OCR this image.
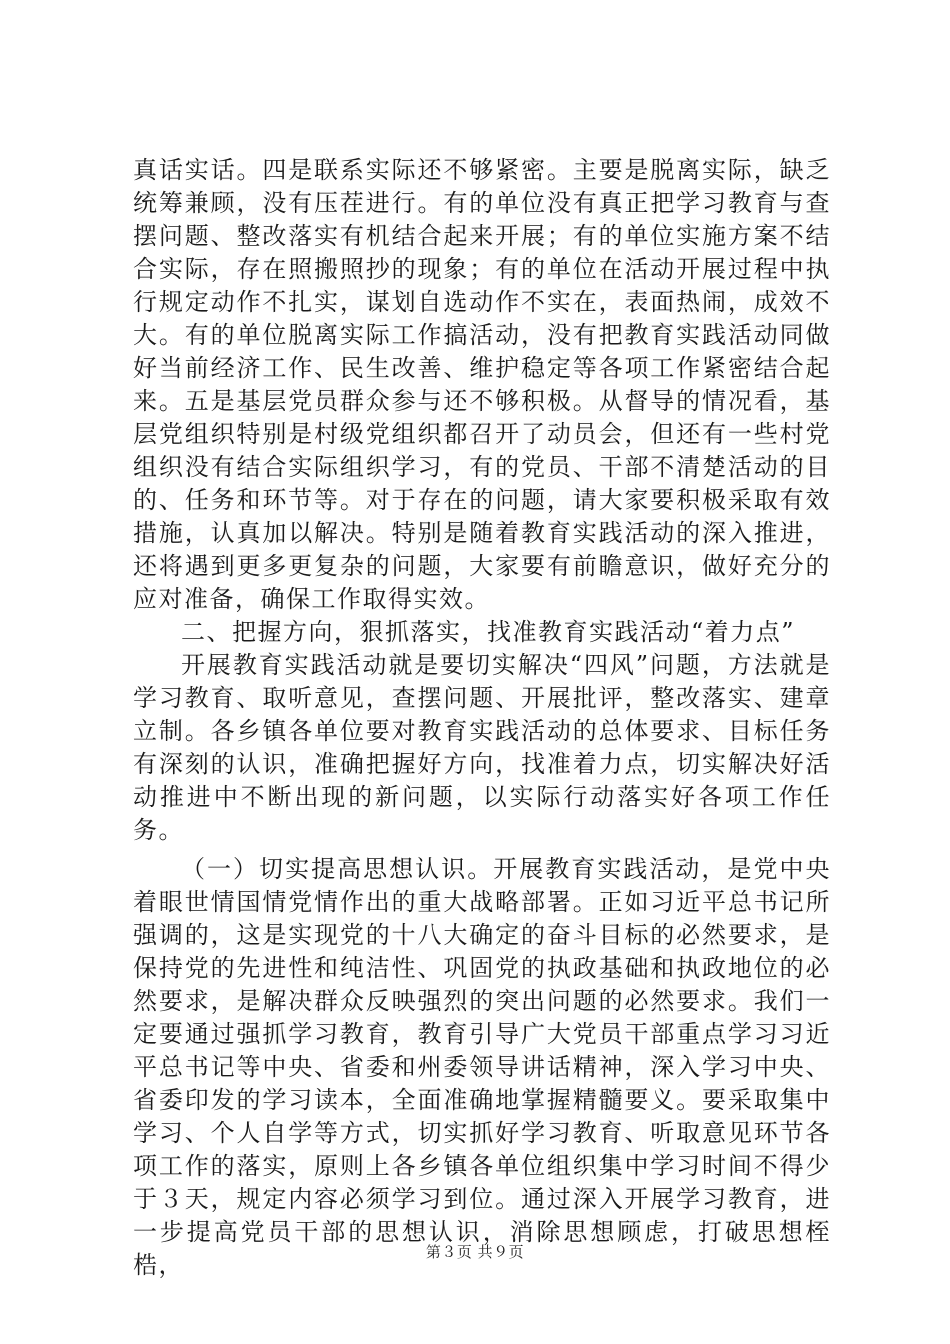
真话实话。四是联系实际还不够紧密。主要是脱离实际，缺乏统筹兼顾，没有压茬进行。有的单位没有真正把学习教育与查摆问题、整改落实有机结合起来开展；有的单位实施方案不结合实际，存在照搬照抄的现象；有的单位在活动开展过程中执行规定动作不扎实，谋划自选动作不实在，表面热闹，成效不大。有的单位脱离实际工作搞活动，没有把教育实践活动同做好当前经济工作、民生改善、维护稳定等各项工作紧密结合起来。五是基层党员群众参与还不够积极。从督导的情况看，基层党组织特别是村级党组织都召开了动员会，但还有一些村党组织没有结合实际组织学习，有的党员、干部不清楚活动的目的、任务和环节等。对于存在的问题，请大家要积极采取有效措施，认真加以解决。特别是随着教育实践活动的深入推进，还将遇到更多更复杂的问题，大家要有前瞻意识，做好充分的应对准备，确保工作取得实效。

二、把握方向，狠抓落实，找准教育实践活动“着力点”

开展教育实践活动就是要切实解决“四风”问题，方法就是学习教育、取听意见，查摆问题、开展批评，整改落实、建章立制。各乡镇各单位要对教育实践活动的总体要求、目标任务有深刻的认识，准确把握好方向，找准着力点，切实解决好活动推进中不断出现的新问题，以实际行动落实好各项工作任务。

（一）切实提高思想认识。开展教育实践活动，是党中央着眼世情国情党情作出的重大战略部署。正如习近平总书记所强调的，这是实现党的十八大确定的奋斗目标的必然要求，是保持党的先进性和纯洁性、巩固党的执政基础和执政地位的必然要求，是解决群众反映强烈的突出问题的必然要求。我们一定要通过强抓学习教育，教育引导广大党员干部重点学习习近平总书记等中央、省委和州委领导讲话精神，深入学习中央、省委印发的学习读本，全面准确地掌握精髓要义。要采取集中学习、个人自学等方式，切实抓好学习教育、听取意见环节各项工作的落实，原则上各乡镇各单位组织集中学习时间不得少于３天，规定内容必须学习到位。通过深入开展学习教育，进一步提高党员干部的思想认识，消除思想顾虑，打破思想桎梏，	第３页 共９页
